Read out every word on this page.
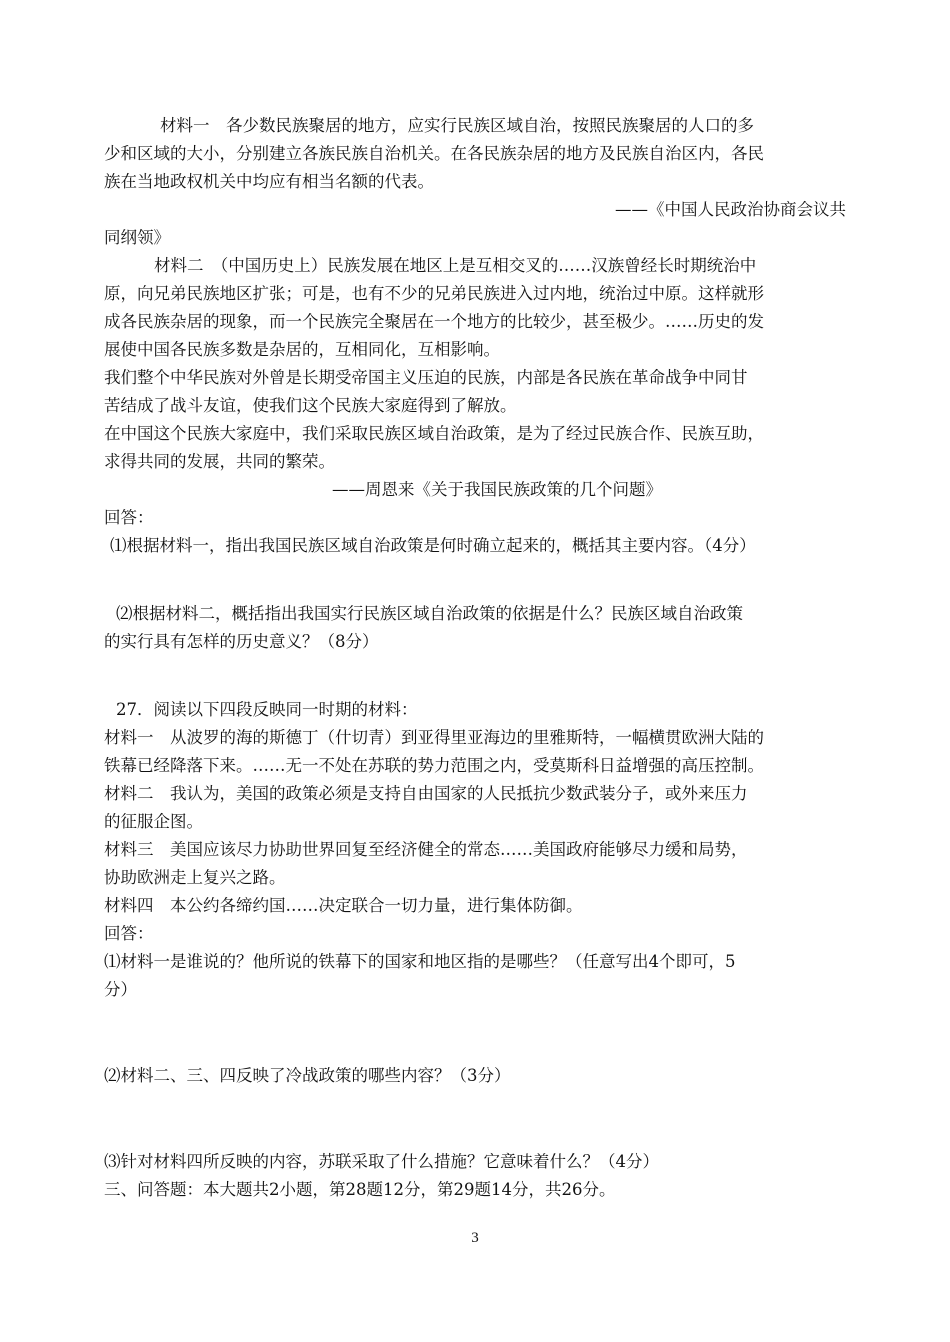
材料一　各少数民族聚居的地方，应实行民族区域自治，按照民族聚居的人口的多
少和区域的大小，分别建立各族民族自治机关。在各民族杂居的地方及民族自治区内，各民
族在当地政权机关中均应有相当名额的代表。
——《中国人民政治协商会议共
同纲领》
材料二　（中国历史上）民族发展在地区上是互相交叉的……汉族曾经长时期统治中
原，向兄弟民族地区扩张；可是，也有不少的兄弟民族进入过内地，统治过中原。这样就形
成各民族杂居的现象，而一个民族完全聚居在一个地方的比较少，甚至极少。……历史的发
展使中国各民族多数是杂居的，互相同化，互相影响。
我们整个中华民族对外曾是长期受帝国主义压迫的民族，内部是各民族在革命战争中同甘
苦结成了战斗友谊，使我们这个民族大家庭得到了解放。
在中国这个民族大家庭中，我们采取民族区域自治政策，是为了经过民族合作、民族互助，
求得共同的发展，共同的繁荣。
——周恩来《关于我国民族政策的几个问题》
回答：
⑴根据材料一，指出我国民族区域自治政策是何时确立起来的，概括其主要内容。（4分）
⑵根据材料二，概括指出我国实行民族区域自治政策的依据是什么？民族区域自治政策
的实行具有怎样的历史意义？（8分）
27．阅读以下四段反映同一时期的材料：
材料一　从波罗的海的斯德丁（什切青）到亚得里亚海边的里雅斯特，一幅横贯欧洲大陆的
铁幕已经降落下来。……无一不处在苏联的势力范围之内，受莫斯科日益增强的高压控制。
材料二　我认为，美国的政策必须是支持自由国家的人民抵抗少数武装分子，或外来压力
的征服企图。
材料三　美国应该尽力协助世界回复至经济健全的常态……美国政府能够尽力缓和局势，
协助欧洲走上复兴之路。
材料四　本公约各缔约国……决定联合一切力量，进行集体防御。
回答：
⑴材料一是谁说的？他所说的铁幕下的国家和地区指的是哪些？（任意写出4个即可，5
分）
⑵材料二、三、四反映了冷战政策的哪些内容？（3分）
⑶针对材料四所反映的内容，苏联采取了什么措施？它意味着什么？（4分）
三、问答题：本大题共2小题，第28题12分，第29题14分，共26分。
3
